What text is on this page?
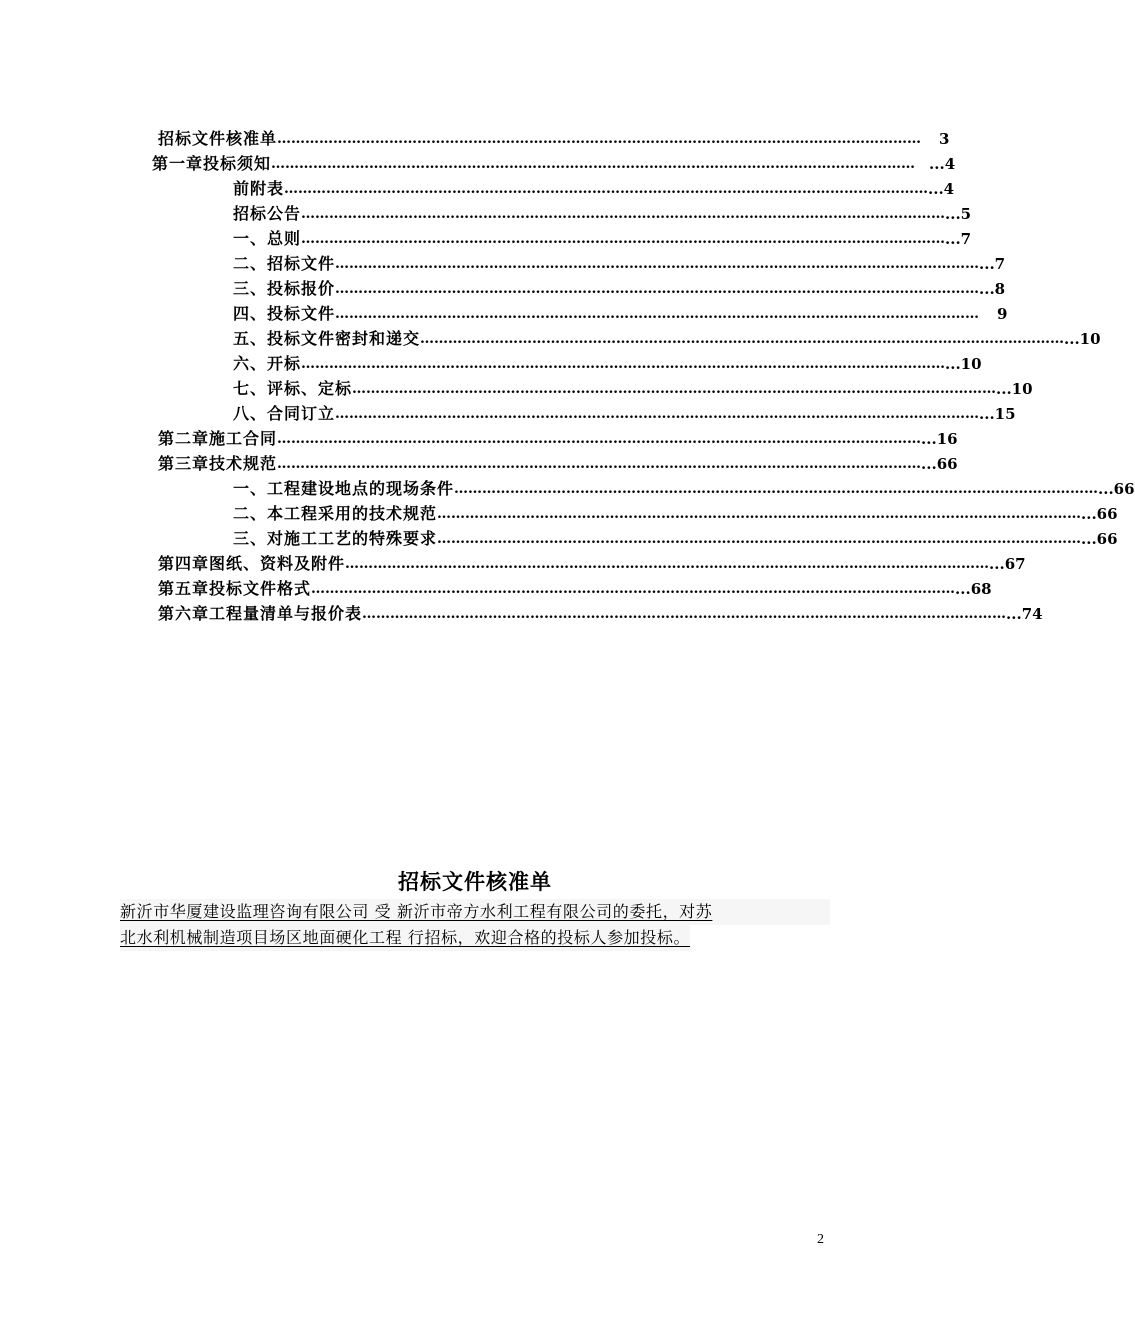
招标文件核准单 ………………………………………………………………………………………………………………………… 3
第一章 投标须知 ………………………………………………………………………………………………………………………… ...4
前附表 ………………………………………………………………………………………………………………………… ...4
招标公告 ………………………………………………………………………………………………………………………… ...5
一、总则 ………………………………………………………………………………………………………………………… ...7
二、招标文件 ………………………………………………………………………………………………………………………… ...7
三、投标报价 ………………………………………………………………………………………………………………………… ...8
四、投标文件 ………………………………………………………………………………………………………………………… 9
五、投标文件密封和递交 ………………………………………………………………………………………………………………………… ...10
六、开标 ………………………………………………………………………………………………………………………… ...10
七、评标、定标 ………………………………………………………………………………………………………………………… ...10
八、合同订立 ………………………………………………………………………………………………………………………… ...15
第二章 施工合同 ………………………………………………………………………………………………………………………… ...16
第三章 技术规范 ………………………………………………………………………………………………………………………… ...66
一、工程建设地点的现场条件 ………………………………………………………………………………………………………………………… ...66
二、本工程采用的技术规范 ………………………………………………………………………………………………………………………… ...66
三、对施工工艺的特殊要求 ………………………………………………………………………………………………………………………… ...66
第四章 图纸、资料及附件 ………………………………………………………………………………………………………………………… ...67
第五章 投标文件格式 ………………………………………………………………………………………………………………………… ...68
第六章 工程量清单与报价表 ………………………………………………………………………………………………………………………… ...74
招标文件核准单
新沂市华厦建设监理咨询有限公司 受 新沂市帝方水利工程有限公司的委托，对苏
北水利机械制造项目场区地面硬化工程 行招标，欢迎合格的投标人参加投标。
2
